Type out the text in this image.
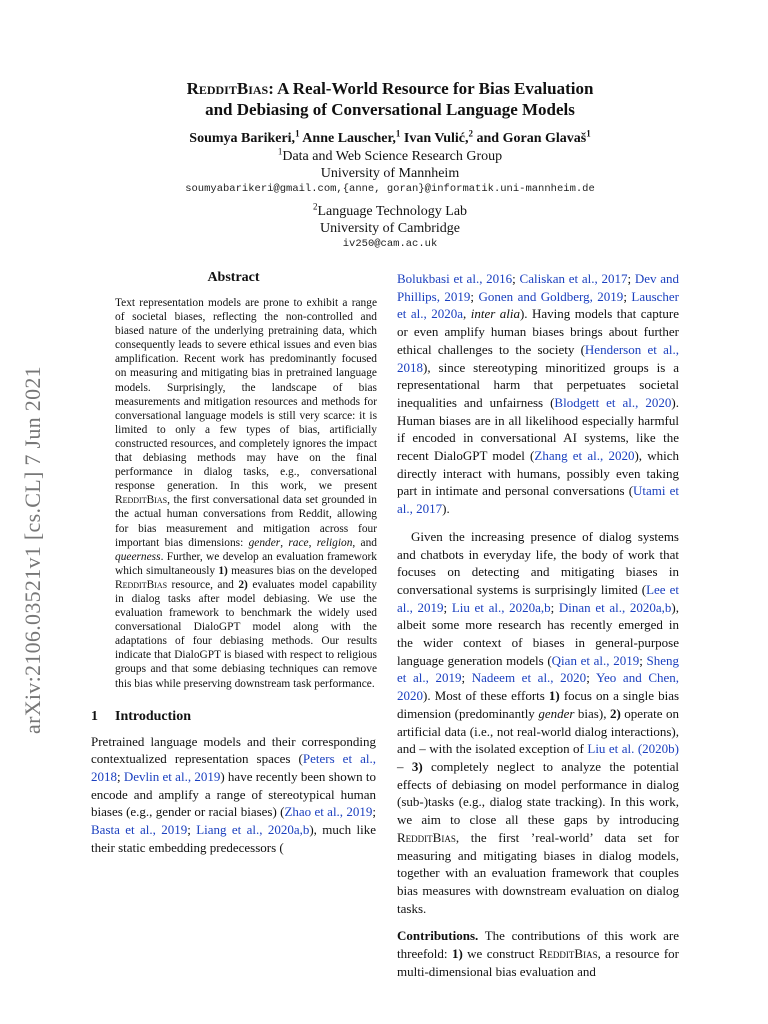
arXiv:2106.03521v1 [cs.CL] 7 Jun 2021
RedditBias: A Real-World Resource for Bias Evaluation
and Debiasing of Conversational Language Models
Soumya Barikeri,$^1$ Anne Lauscher,$^1$ Ivan Vulić,$^2$ and Goran Glavaš$^1$
$^1$Data and Web Science Research Group
University of Mannheim
soumyabarikeri@gmail.com,{anne, goran}@informatik.uni-mannheim.de
$^2$Language Technology Lab
University of Cambridge
iv250@cam.ac.uk
Abstract

Text representation models are prone to exhibit a range of societal biases, reflecting the non-controlled and biased nature of the underlying pretraining data, which consequently leads to severe ethical issues and even bias amplification. Recent work has predominantly focused on measuring and mitigating bias in pretrained language models. Surprisingly, the landscape of bias measurements and mitigation resources and methods for conversational language models is still very scarce: it is limited to only a few types of bias, artificially constructed resources, and completely ignores the impact that debiasing methods may have on the final performance in dialog tasks, e.g., conversational response generation. In this work, we present RedditBias, the first conversational data set grounded in the actual human conversations from Reddit, allowing for bias measurement and mitigation across four important bias dimensions: gender, race, religion, and queerness. Further, we develop an evaluation framework which simultaneously 1) measures bias on the developed RedditBias resource, and 2) evaluates model capability in dialog tasks after model debiasing. We use the evaluation framework to benchmark the widely used conversational DialoGPT model along with the adaptations of four debiasing methods. Our results indicate that DialoGPT is biased with respect to religious groups and that some debiasing techniques can remove this bias while preserving downstream task performance.

1 Introduction

Pretrained language models and their corresponding contextualized representation spaces (Peters et al., 2018; Devlin et al., 2019) have recently been shown to encode and amplify a range of stereotypical human biases (e.g., gender or racial biases) (Zhao et al., 2019; Basta et al., 2019; Liang et al., 2020a,b), much like their static embedding predecessors (

Bolukbasi et al., 2016; Caliskan et al., 2017; Dev and Phillips, 2019; Gonen and Goldberg, 2019; Lauscher et al., 2020a, inter alia). Having models that capture or even amplify human biases brings about further ethical challenges to the society (Henderson et al., 2018), since stereotyping minoritized groups is a representational harm that perpetuates societal inequalities and unfairness (Blodgett et al., 2020). Human biases are in all likelihood especially harmful if encoded in conversational AI systems, like the recent DialoGPT model (Zhang et al., 2020), which directly interact with humans, possibly even taking part in intimate and personal conversations (Utami et al., 2017).

Given the increasing presence of dialog systems and chatbots in everyday life, the body of work that focuses on detecting and mitigating biases in conversational systems is surprisingly limited (Lee et al., 2019; Liu et al., 2020a,b; Dinan et al., 2020a,b), albeit some more research has recently emerged in the wider context of biases in general-purpose language generation models (Qian et al., 2019; Sheng et al., 2019; Nadeem et al., 2020; Yeo and Chen, 2020). Most of these efforts 1) focus on a single bias dimension (predominantly gender bias), 2) operate on artificial data (i.e., not real-world dialog interactions), and – with the isolated exception of Liu et al. (2020b) – 3) completely neglect to analyze the potential effects of debiasing on model performance in dialog (sub-)tasks (e.g., dialog state tracking). In this work, we aim to close all these gaps by introducing RedditBias, the first ’real-world’ data set for measuring and mitigating biases in dialog models, together with an evaluation framework that couples bias measures with downstream evaluation on dialog tasks.

Contributions. The contributions of this work are threefold: 1) we construct RedditBias, a resource for multi-dimensional bias evaluation and
